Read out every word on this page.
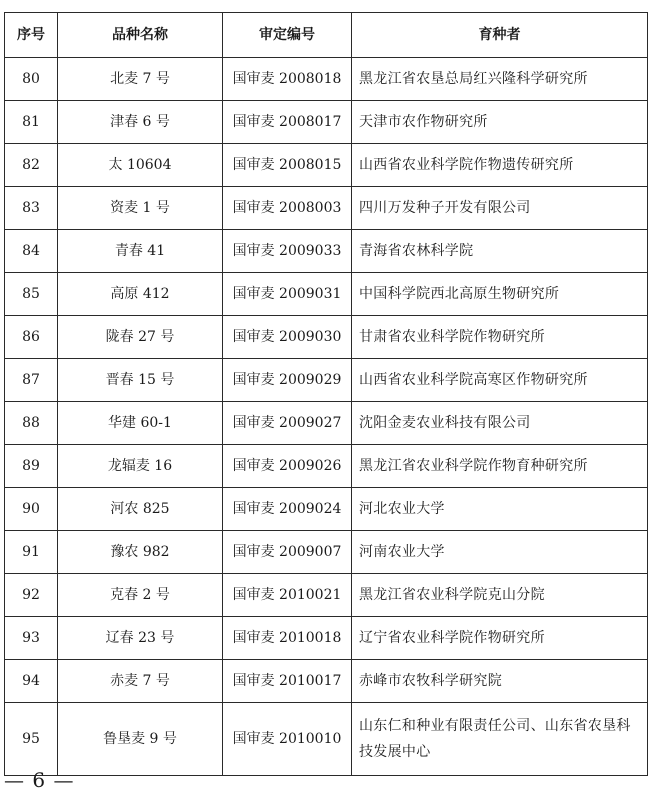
序号	品种名称	审定编号	育种者
80	北麦 7 号	国审麦 2008018	黑龙江省农垦总局红兴隆科学研究所
81	津春 6 号	国审麦 2008017	天津市农作物研究所
82	太 10604	国审麦 2008015	山西省农业科学院作物遗传研究所
83	资麦 1 号	国审麦 2008003	四川万发种子开发有限公司
84	青春 41	国审麦 2009033	青海省农林科学院
85	高原 412	国审麦 2009031	中国科学院西北高原生物研究所
86	陇春 27 号	国审麦 2009030	甘肃省农业科学院作物研究所
87	晋春 15 号	国审麦 2009029	山西省农业科学院高寒区作物研究所
88	华建 60-1	国审麦 2009027	沈阳金麦农业科技有限公司
89	龙辐麦 16	国审麦 2009026	黑龙江省农业科学院作物育种研究所
90	河农 825	国审麦 2009024	河北农业大学
91	豫农 982	国审麦 2009007	河南农业大学
92	克春 2 号	国审麦 2010021	黑龙江省农业科学院克山分院
93	辽春 23 号	国审麦 2010018	辽宁省农业科学院作物研究所
94	赤麦 7 号	国审麦 2010017	赤峰市农牧科学研究院
95	鲁垦麦 9 号	国审麦 2010010	山东仁和种业有限责任公司、山东省农垦科技发展中心
— 6 —
